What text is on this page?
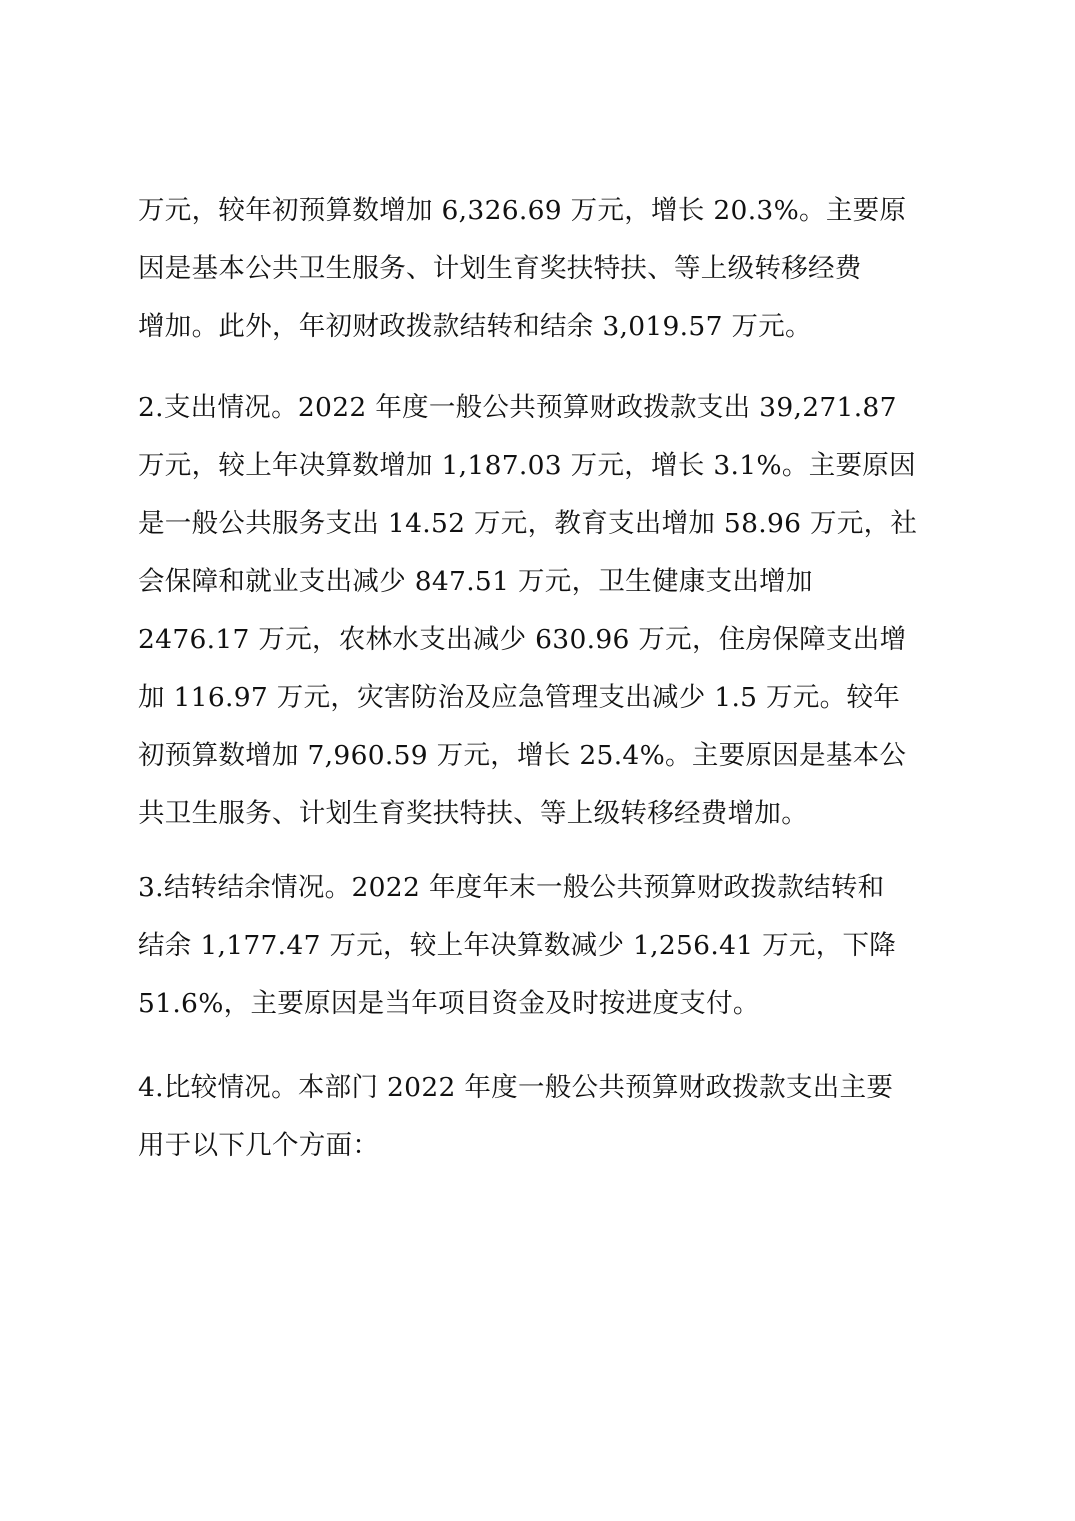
万元，较年初预算数增加 6,326.69 万元，增长 20.3%。主要原
因是基本公共卫生服务、计划生育奖扶特扶、等上级转移经费
增加。此外，年初财政拨款结转和结余 3,019.57 万元。
2.支出情况。2022 年度一般公共预算财政拨款支出 39,271.87
万元，较上年决算数增加 1,187.03 万元，增长 3.1%。主要原因
是一般公共服务支出 14.52 万元，教育支出增加 58.96 万元，社
会保障和就业支出减少 847.51 万元，卫生健康支出增加
2476.17 万元，农林水支出减少 630.96 万元，住房保障支出增
加 116.97 万元，灾害防治及应急管理支出减少 1.5 万元。较年
初预算数增加 7,960.59 万元，增长 25.4%。主要原因是基本公
共卫生服务、计划生育奖扶特扶、等上级转移经费增加。
3.结转结余情况。2022 年度年末一般公共预算财政拨款结转和
结余 1,177.47 万元，较上年决算数减少 1,256.41 万元，下降
51.6%，主要原因是当年项目资金及时按进度支付。
4.比较情况。本部门 2022 年度一般公共预算财政拨款支出主要
用于以下几个方面：
